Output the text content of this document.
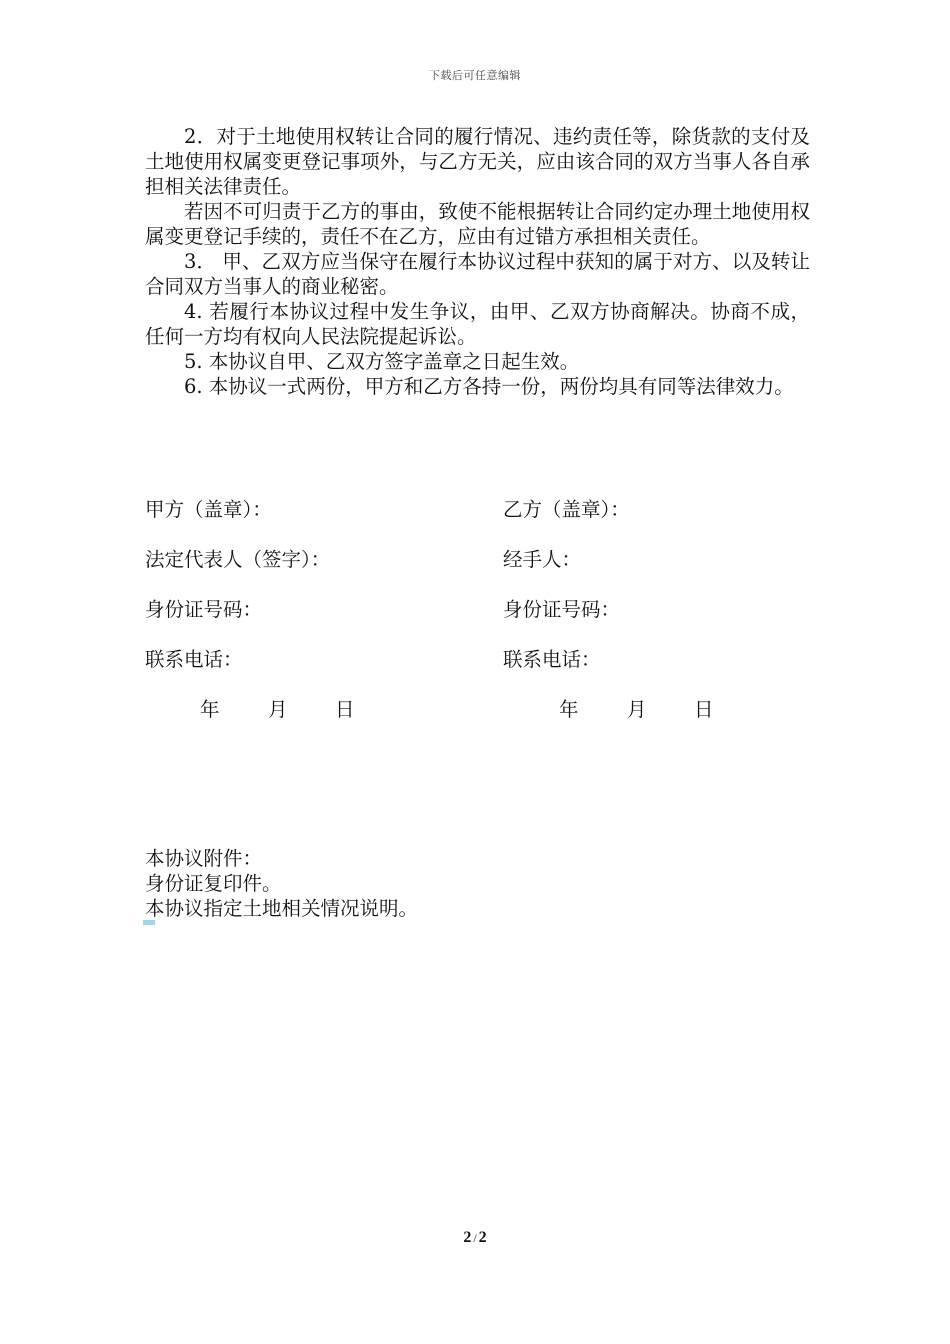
下载后可任意编辑

2．对于土地使用权转让合同的履行情况、违约责任等，除货款的支付及土地使用权属变更登记事项外，与乙方无关，应由该合同的双方当事人各自承担相关法律责任。

若因不可归责于乙方的事由，致使不能根据转让合同约定办理土地使用权属变更登记手续的，责任不在乙方，应由有过错方承担相关责任。

3． 甲、乙双方应当保守在履行本协议过程中获知的属于对方、以及转让合同双方当事人的商业秘密。

4. 若履行本协议过程中发生争议，由甲、乙双方协商解决。协商不成，任何一方均有权向人民法院提起诉讼。

5. 本协议自甲、乙双方签字盖章之日起生效。

6. 本协议一式两份，甲方和乙方各持一份，两份均具有同等法律效力。

甲方（盖章）：	乙方（盖章）：
法定代表人（签字）：	经手人：
身份证号码：	身份证号码：
联系电话：	联系电话：
年 月 日	年 月 日
本协议附件：
身份证复印件。
本协议指定土地相关情况说明。
2 / 2
